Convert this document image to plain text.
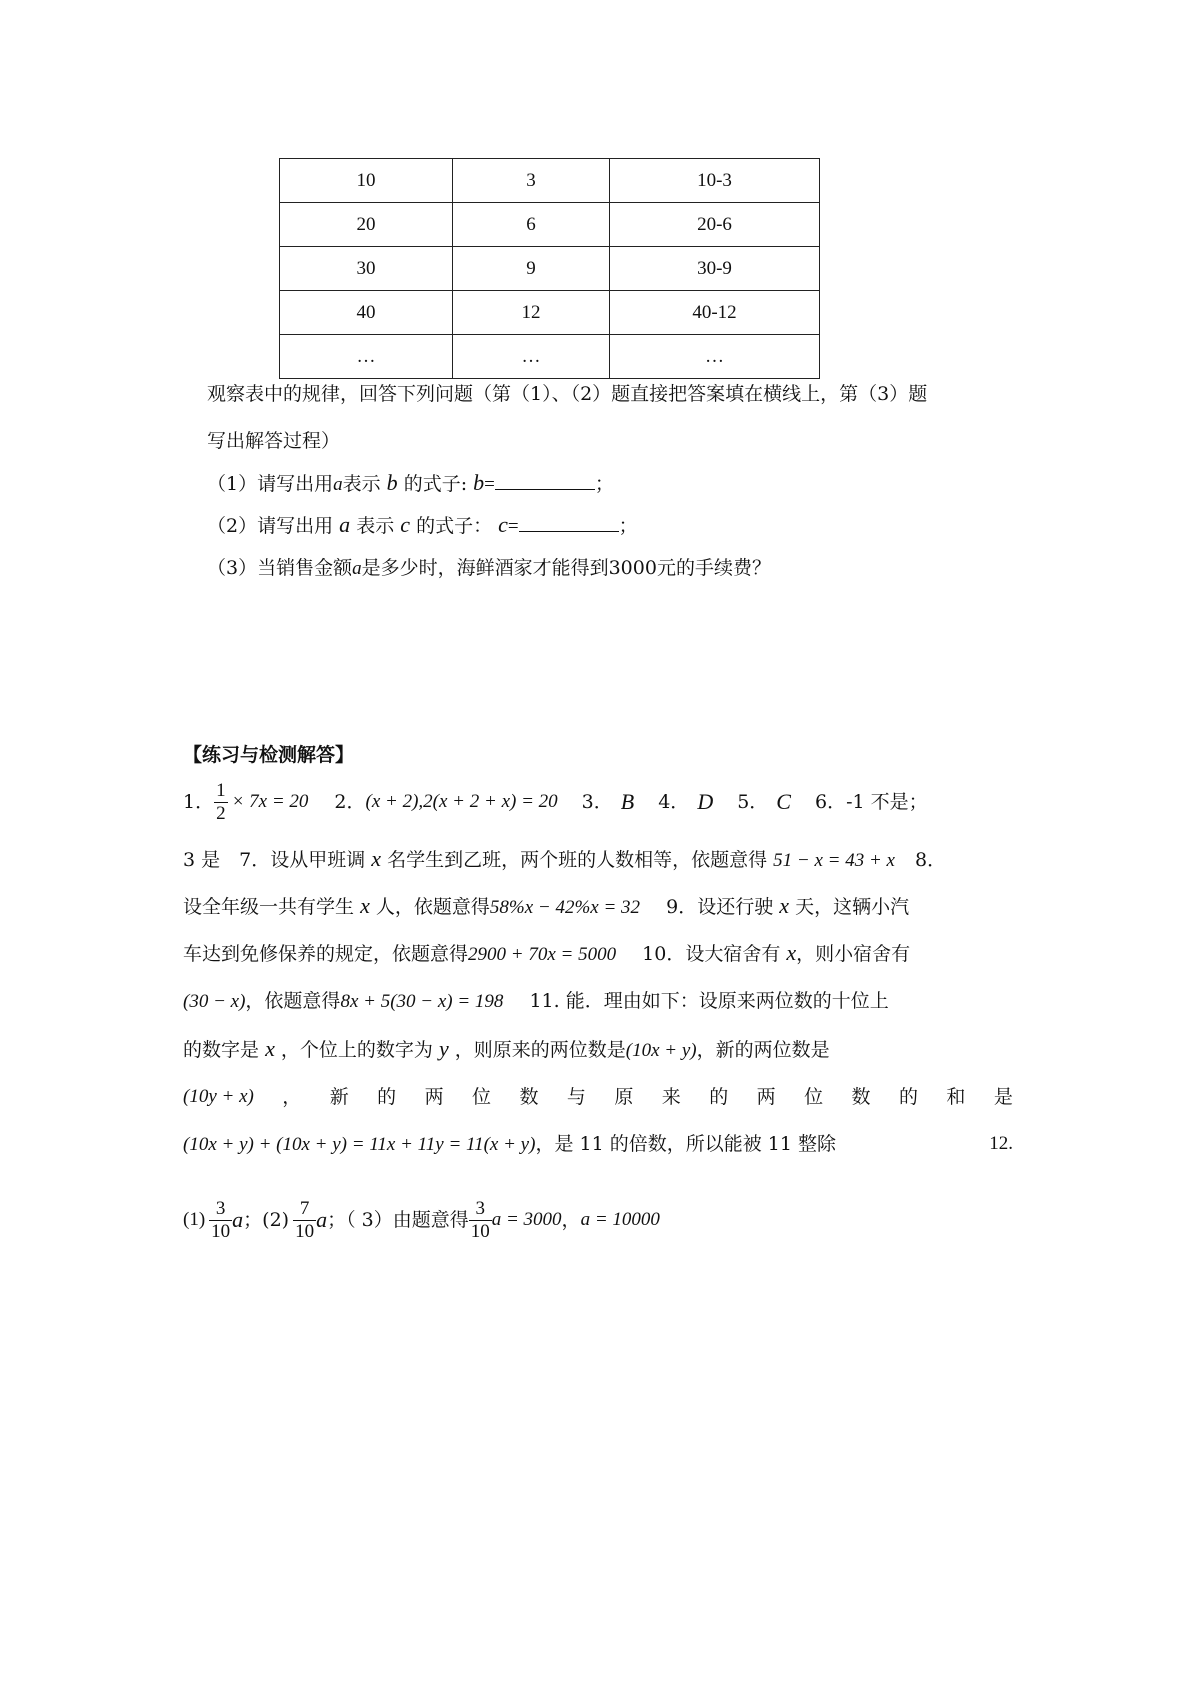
10	3	10-3
20	6	20-6
30	9	30-9
40	12	40-12
…	…	…
观察表中的规律，回答下列问题（第（1）、（2）题直接把答案填在横线上，第（3）题
写出解答过程）
（1）请写出用a表示 b 的式子: b=	；
（2）请写出用 a 表示 c 的式子： c=	；
（3）当销售金额a是多少时，海鲜酒家才能得到3000元的手续费？
【练习与检测解答】
1． $\frac{1}{2} \times 7x = 20$ 2． (x + 2),2(x + 2 + x) = 20 3． B 4． D 5． C 6．-1 不是；
3 是　7．设从甲班调 x 名学生到乙班，两个班的人数相等，依题意得 51 − x = 43 + x 8．
设全年级一共有学生 x 人，依题意得58%x − 42%x = 32 9．设还行驶 x 天，这辆小汽
车达到免修保养的规定，依题意得2900 + 70x = 5000 10．设大宿舍有 x，则小宿舍有
(30 − x)，依题意得8x + 5(30 − x) = 198 11. 能．理由如下：设原来两位数的十位上
的数字是 x ，个位上的数字为 y ，则原来的两位数是(10x + y)，新的两位数是
(10y + x) ， 新 的 两 位 数 与 原 来 的 两 位 数 的 和 是
(10x + y) + (10x + y) = 11x + 11y = 11(x + y)，是 11 的倍数，所以能被 11 整除	12.
$(1) \frac{3}{10}$ a ；$(2) \frac{7}{10}$ a ；（ 3）由题意得 $\frac{3}{10}$ a = 3000 ， a = 10000
